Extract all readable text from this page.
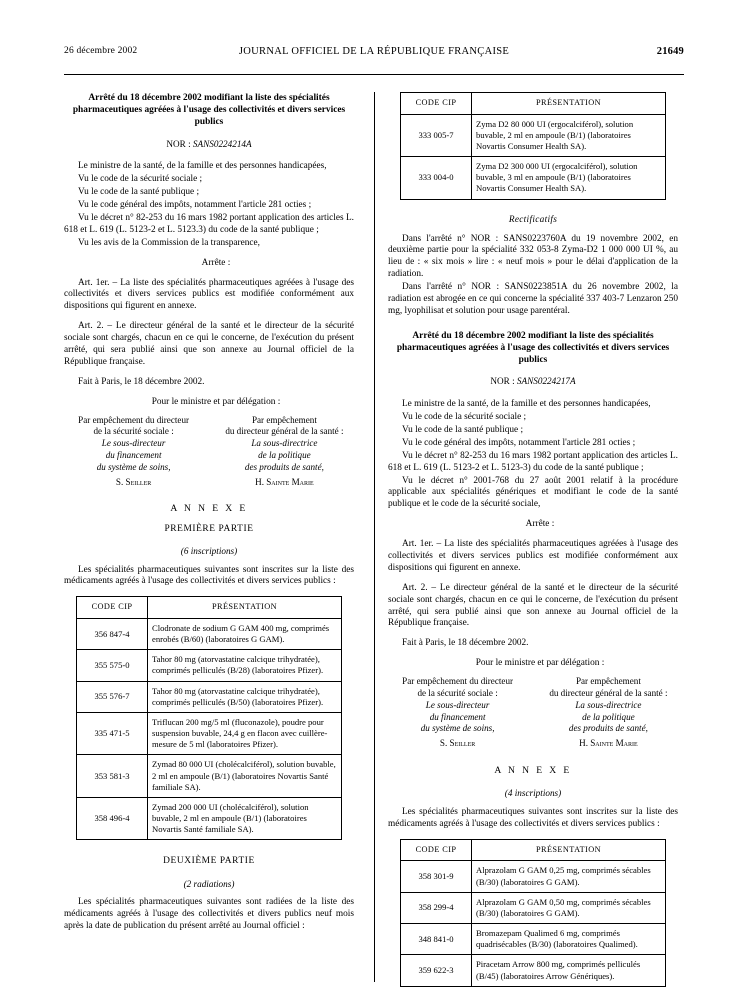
26 décembre 2002	JOURNAL OFFICIEL DE LA RÉPUBLIQUE FRANÇAISE	21649
Arrêté du 18 décembre 2002 modifiant la liste des spécialités pharmaceutiques agréées à l'usage des collectivités et divers services publics

NOR : SANS0224214A

Le ministre de la santé, de la famille et des personnes handicapées,

Vu le code de la sécurité sociale ;

Vu le code de la santé publique ;

Vu le code général des impôts, notamment l'article 281 octies ;

Vu le décret n° 82-253 du 16 mars 1982 portant application des articles L. 618 et L. 619 (L. 5123-2 et L. 5123.3) du code de la santé publique ;

Vu les avis de la Commission de la transparence,

Arrête :

Art. 1er. – La liste des spécialités pharmaceutiques agréées à l'usage des collectivités et divers services publics est modifiée conformément aux dispositions qui figurent en annexe.

Art. 2. – Le directeur général de la santé et le directeur de la sécurité sociale sont chargés, chacun en ce qui le concerne, de l'exécution du présent arrêté, qui sera publié ainsi que son annexe au Journal officiel de la République française.

Fait à Paris, le 18 décembre 2002.

Pour le ministre et par délégation :

Par empêchement du directeur
de la sécurité sociale :
Le sous-directeur
du financement
du système de soins,
S. Seiller
Par empêchement
du directeur général de la santé :
La sous-directrice
de la politique
des produits de santé,
H. Sainte Marie

A N N E X E

PREMIÈRE PARTIE

(6 inscriptions)

Les spécialités pharmaceutiques suivantes sont inscrites sur la liste des médicaments agréés à l'usage des collectivités et divers services publics :

CODE CIP	PRÉSENTATION
356 847-4	Clodronate de sodium G GAM 400 mg, comprimés enrobés (B/60) (laboratoires G GAM).
355 575-0	Tahor 80 mg (atorvastatine calcique trihydratée), comprimés pelliculés (B/28) (laboratoires Pfizer).
355 576-7	Tahor 80 mg (atorvastatine calcique trihydratée), comprimés pelliculés (B/50) (laboratoires Pfizer).
335 471-5	Triflucan 200 mg/5 ml (fluconazole), poudre pour suspension buvable, 24,4 g en flacon avec cuillère-mesure de 5 ml (laboratoires Pfizer).
353 581-3	Zymad 80 000 UI (cholécalciférol), solution buvable, 2 ml en ampoule (B/1) (laboratoires Novartis Santé familiale SA).
358 496-4	Zymad 200 000 UI (cholécalciférol), solution buvable, 2 ml en ampoule (B/1) (laboratoires Novartis Santé familiale SA).

DEUXIÈME PARTIE

(2 radiations)

Les spécialités pharmaceutiques suivantes sont radiées de la liste des médicaments agréés à l'usage des collectivités et divers publics neuf mois après la date de publication du présent arrêté au Journal officiel :

CODE CIP	PRÉSENTATION
333 005-7	Zyma D2 80 000 UI (ergocalciférol), solution buvable, 2 ml en ampoule (B/1) (laboratoires Novartis Consumer Health SA).
333 004-0	Zyma D2 300 000 UI (ergocalciférol), solution buvable, 3 ml en ampoule (B/1) (laboratoires Novartis Consumer Health SA).

Rectificatifs

Dans l'arrêté n° NOR : SANS0223760A du 19 novembre 2002, en deuxième partie pour la spécialité 332 053-8 Zyma-D2 1 000 000 UI %, au lieu de : « six mois » lire : « neuf mois » pour le délai d'application de la radiation.

Dans l'arrêté n° NOR : SANS0223851A du 26 novembre 2002, la radiation est abrogée en ce qui concerne la spécialité 337 403-7 Lenzaron 250 mg, lyophilisat et solution pour usage parentéral.

Arrêté du 18 décembre 2002 modifiant la liste des spécialités pharmaceutiques agréées à l'usage des collectivités et divers services publics

NOR : SANS0224217A

Le ministre de la santé, de la famille et des personnes handicapées,

Vu le code de la sécurité sociale ;

Vu le code de la santé publique ;

Vu le code général des impôts, notamment l'article 281 octies ;

Vu le décret n° 82-253 du 16 mars 1982 portant application des articles L. 618 et L. 619 (L. 5123-2 et L. 5123-3) du code de la santé publique ;

Vu le décret n° 2001-768 du 27 août 2001 relatif à la procédure applicable aux spécialités génériques et modifiant le code de la santé publique et le code de la sécurité sociale,

Arrête :

Art. 1er. – La liste des spécialités pharmaceutiques agréées à l'usage des collectivités et divers services publics est modifiée conformément aux dispositions qui figurent en annexe.

Art. 2. – Le directeur général de la santé et le directeur de la sécurité sociale sont chargés, chacun en ce qui le concerne, de l'exécution du présent arrêté, qui sera publié ainsi que son annexe au Journal officiel de la République française.

Fait à Paris, le 18 décembre 2002.

Pour le ministre et par délégation :

Par empêchement du directeur
de la sécurité sociale :
Le sous-directeur
du financement
du système de soins,
S. Seiller
Par empêchement
du directeur général de la santé :
La sous-directrice
de la politique
des produits de santé,
H. Sainte Marie

A N N E X E

(4 inscriptions)

Les spécialités pharmaceutiques suivantes sont inscrites sur la liste des médicaments agréés à l'usage des collectivités et divers services publics :

CODE CIP	PRÉSENTATION
358 301-9	Alprazolam G GAM 0,25 mg, comprimés sécables (B/30) (laboratoires G GAM).
358 299-4	Alprazolam G GAM 0,50 mg, comprimés sécables (B/30) (laboratoires G GAM).
348 841-0	Bromazepam Qualimed 6 mg, comprimés quadrisécables (B/30) (laboratoires Qualimed).
359 622-3	Piracetam Arrow 800 mg, comprimés pelliculés (B/45) (laboratoires Arrow Génériques).
